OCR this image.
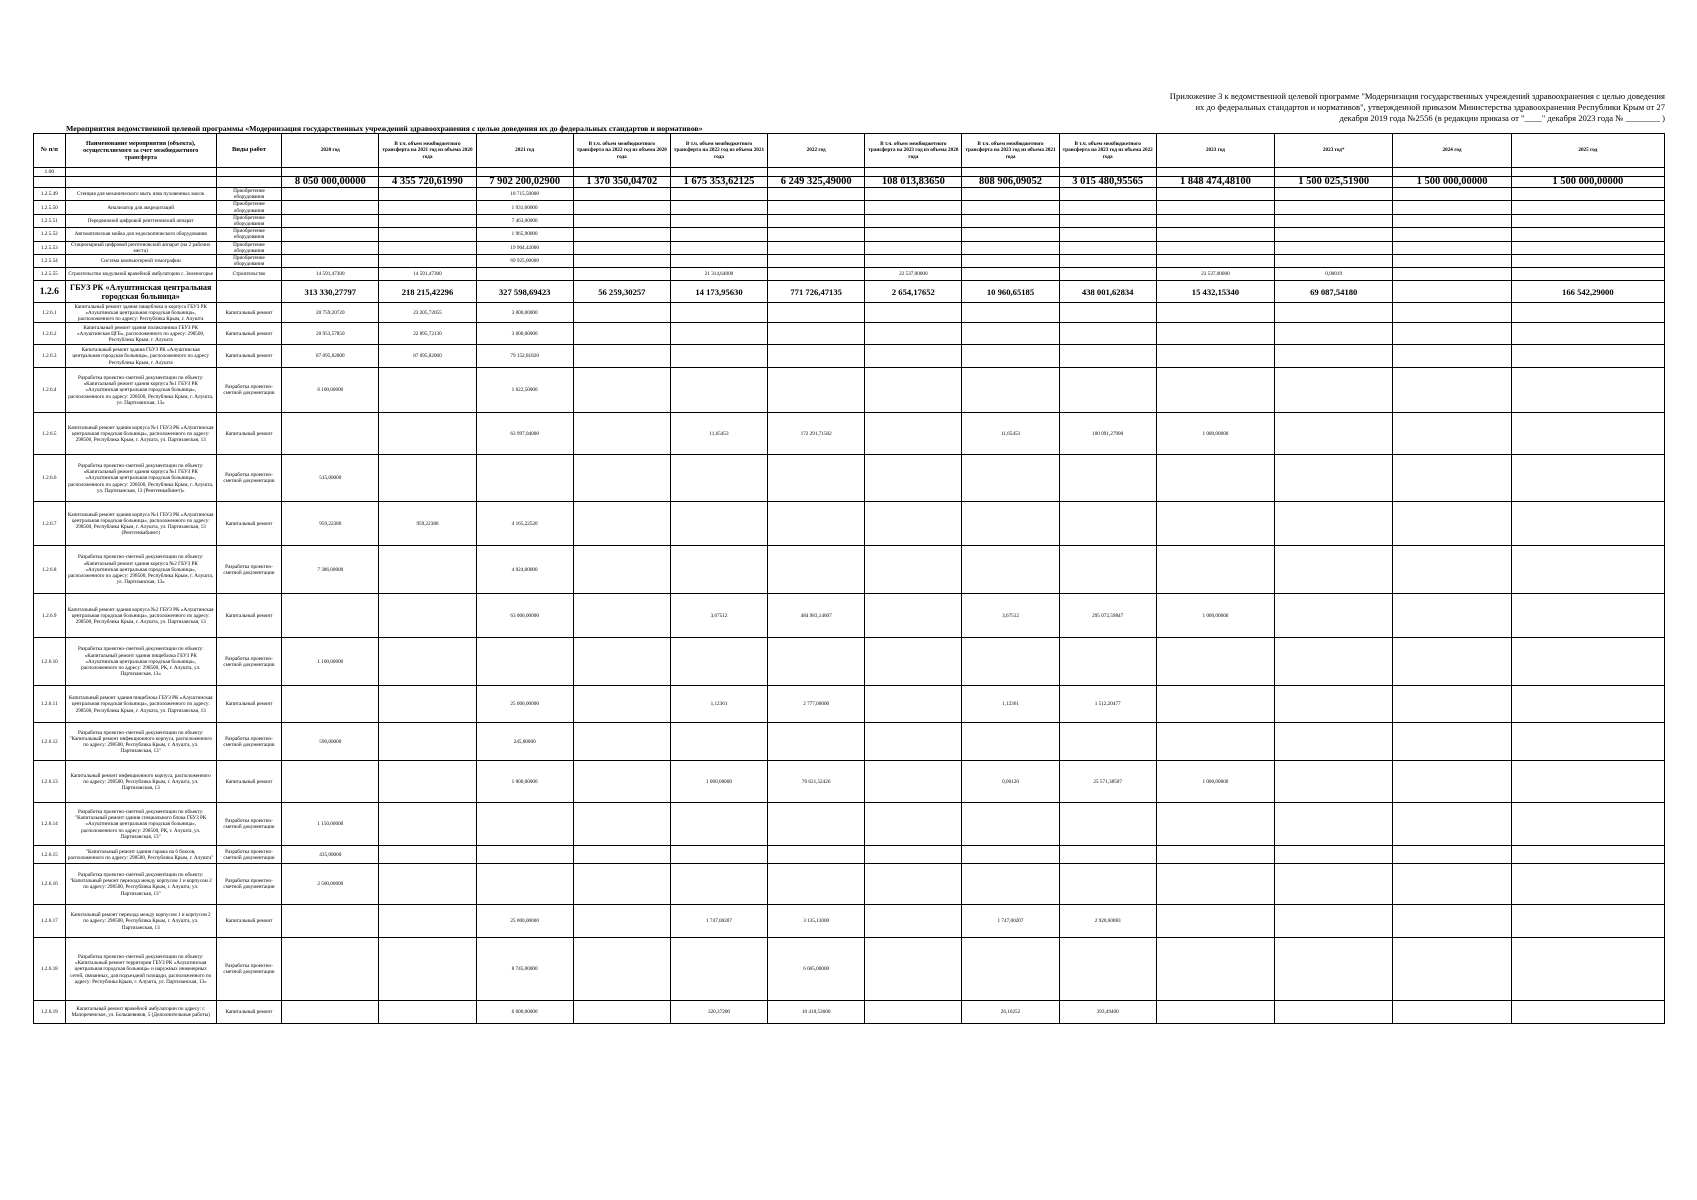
Приложение 3 к ведомственной целевой программе "Модернизация государственных учреждений здравоохранения с целью доведения
их до федеральных стандартов и нормативов", утвержденной приказом Министерства здравоохранения Республики Крым от 27
декабря 2019 года №2556 (в редакции приказа от "____" декабря 2023 года № ________ )
Мероприятия ведомственной целевой программы «Модернизация государственных учреждений здравоохранения с целью доведения их до федеральных стандартов и нормативов»
№ п/п	Наименование мероприятия (объекта), осуществляемого за счет межбюджетного трансферта	Виды работ	2020 год	В т.ч. объем межбюджетного трансферта на 2021 год из объема 2020 года	2021 год	В т.ч. объем межбюджетного трансферта на 2022 год из объема 2020 года	В т.ч. объем межбюджетного трансферта на 2022 год из объема 2021 года	2022 год	В т.ч. объем межбюджетного трансферта на 2023 год из объема 2020 года	В т.ч. объем межбюджетного трансферта на 2023 год из объема 2021 года	В т.ч. объем межбюджетного трансферта на 2023 год из объема 2022 года	2023 год	2023 год*	2024 год	2025 год
1.00															
			8 050 000,00000	4 355 720,61990	7 902 200,02900	1 370 350,04702	1 675 353,62125	6 249 325,49000	108 013,83650	808 906,09052	3 015 480,95565	1 848 474,48100	1 500 025,51900	1 500 000,00000	1 500 000,00000
1.2.5.49	Стенция для механического мыть изва пуховенных масок	Приобретение оборудования			18 715,50000										
1.2.5.50	Анализатор для аккредитаций	Приобретение оборудования			1 931,00000										
1.2.5.51	Передвижной цифровой рентгеновский аппарат	Приобретение оборудования			7 463,00000										
1.2.5.52	Автоматическая мойка для эндоскопического оборудования	Приобретение оборудования			1 965,90000										
1.2.5.53	Стационарный цифровой рентгеновский аппарат (на 2 рабочих места)	Приобретение оборудования			19 904,42000										
1.2.5.54	Система компьютерной томографии	Приобретение оборудования			69 925,00000										
1.2.5.55	Строительство модульной врачебной амбулатории с. Зеленогорье	Строительство	14 591,47300	14 591,47300			21 314,64000		22 537,00000			23 537,00000	0,00019		
1.2.6	ГБУЗ РК «Алуштинская центральная городская больница»		313 330,27797	218 215,42296	327 598,69423	56 259,30257	14 173,95630	771 726,47135	2 654,17652	10 960,65185	438 001,62834	15 432,15340	69 087,54180		166 542,29000
1.2.6.1	Капитальный ремонт здания пищеблока и корпуса ГБУЗ РК «Алуштинская центральная городская больница», расположенного по адресу: Республика Крым, г. Алушта	Капитальный ремонт	20 759,20720	23 205,72055	3 000,00000										
1.2.6.2	Капитальный ремонт здания поликлиники ГБУЗ РК «Алуштинская ЦГБ», расположенного по адресу: 298500, Республика Крым, г. Алушта	Капитальный ремонт	20 953,57850	22 895,72130	3 000,00000										
1.2.6.3	Капитальный ремонт здания ГБУЗ РК «Алуштинская центральная городская больница», расположенного по адресу Республика Крым, г. Алушта	Капитальный ремонт	87 095,82000	87 095,82000	79 152,81820										
1.2.6.4	Разработка проектно-сметной документации по объекту: «Капитальный ремонт здания корпуса №1 ГБУЗ РК «Алуштинская центральная городская больница», расположенного по адресу: 298500, Республика Крым, г. Алушта, ул. Партизанская, 13»	Разработка проектно-сметной документации	6 100,00000		1 022,50000										
1.2.6.5	Капитальный ремонт здания корпуса №1 ГБУЗ РК «Алуштинская центральная городская больница», расположенного по адресу: 298500, Республика Крым, г. Алушта, ул. Партизанская, 13	Капитальный ремонт			63 997,04000		11,65453	172 291,71502		11,65453	100 091,27900	1 000,00000			
1.2.6.6	Разработка проектно-сметной документации по объекту: «Капитальный ремонт здания корпуса №1 ГБУЗ РК «Алуштинская центральная городская больница», расположенного по адресу: 298500, Республика Крым, г. Алушта, ул. Партизанская, 13 (Рентгенкабинет)»	Разработка проектно-сметной документации	515,00000												
1.2.6.7	Капитальный ремонт здания корпуса №1 ГБУЗ РК «Алуштинская центральная городская больница», расположенного по адресу: 298500, Республика Крым, г. Алушта, ул. Партизанская, 13 (Рентгенкабинет)	Капитальный ремонт	959,22380	959,22380	4 165,22520										
1.2.6.8	Разработка проектно-сметной документации по объекту: «Капитальный ремонт здания корпуса №2 ГБУЗ РК «Алуштинская центральная городская больница», расположенного по адресу: 298500, Республика Крым, г. Алушта, ул. Партизанская, 13»	Разработка проектно-сметной документации	7 386,00000		4 024,00000										
1.2.6.9	Капитальный ремонт здания корпуса №2 ГБУЗ РК «Алуштинская центральная городская больница», расположенного по адресу: 298500, Республика Крым, г. Алушта, ул. Партизанская, 13	Капитальный ремонт			63 000,00000		3,67512	484 983,14607		3,67512	295 072,59847	1 000,00000			
1.2.6.10	Разработка проектно-сметной документации по объекту: «Капитальный ремонт здания пищеблока ГБУЗ РК «Алуштинская центральная городская больница», расположенного по адресу: 298500, РК, г. Алушта, ул. Партизанская, 13»	Разработка проектно-сметной документации	1 100,00000												
1.2.6.11	Капитальный ремонт здания пищеблока ГБУЗ РК «Алуштинская центральная городская больница», расположенного по адресу: 298500, Республика Крым, г. Алушта, ул. Партизанская, 13	Капитальный ремонт			25 000,00000		1,12361	2 777,00000		1,12361	1 512,20477				
1.2.6.12	Разработка проектно-сметной документации по объекту: "Капитальный ремонт инфекционного корпуса, расположенного по адресу: 298500, Республика Крым, г. Алушта, ул. Партизанская, 13"	Разработка проектно-сметной документации	590,00000		245,00000										
1.2.6.13	Капитальный ремонт инфекционного корпуса, расположенного по адресу: 298500, Республика Крым, г. Алушта, ул. Партизанская, 13	Капитальный ремонт			1 000,00000		1 000,00000	70 621,52426		0,00120	25 571,38507	1 000,00000			
1.2.6.14	Разработка проектно-сметной документации по объекту: "Капитальный ремонт здания специального блока ГБУЗ РК «Алуштинская центральная городская больница», расположенного по адресу: 298500, РК, г. Алушта, ул. Партизанская, 13"	Разработка проектно-сметной документации	1 150,00000												
1.2.6.15	"Капитальный ремонт здания гаража на 6 боксов, расположенного по адресу: 298500, Республика Крым, г. Алушта"	Разработка проектно-сметной документации	435,00000												
1.2.6.16	Разработка проектно-сметной документации по объекту: "Капитальный ремонт перехода между корпусом 1 и корпусом 2 по адресу: 298500, Республика Крым, г. Алушта, ул. Партизанская, 13"	Разработка проектно-сметной документации	2 500,00000												
1.2.6.17	Капитальный ремонт перехода между корпусом 1 и корпусом 2 по адресу: 298500, Республика Крым, г. Алушта, ул. Партизанская, 13	Капитальный ремонт			25 000,00000		1 747,00207	3 135,13000		1 747,00207	2 920,60083				
1.2.6.18	Разработка проектно-сметной документации по объекту: «Капитальный ремонт территории ГБУЗ РК «Алуштинская центральная городская больница» и наружных инженерных сетей, связанных, для подъездной площади, расположенного по адресу: Республика Крым, г. Алушта, ул. Партизанская, 13»	Разработка проектно-сметной документации			8 745,00000			6 605,00000							
1.2.6.19	Капитальный ремонт врачебной амбулатории по адресу: г. Малореченское, ул. Большевиков, 5 (Дополнительные работы)	Капитальный ремонт			6 600,00000		320,37200	10 418,53600		26,10252	393,49400				
